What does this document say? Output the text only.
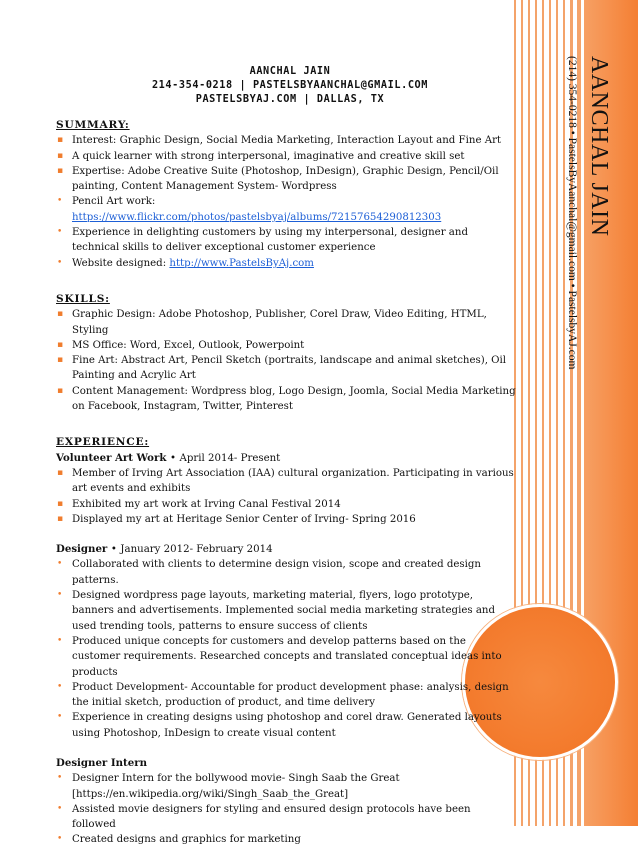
AANCHAL JAIN
(214) 354-0218 • PastelsByAanchal@gmail.com • PastelsbyAJ.com
AANCHAL JAIN
214-354-0218 | PASTELSBYAANCHAL@GMAIL.COM
PASTELSBYAJ.COM | DALLAS, TX

SUMMARY:

▪ Interest: Graphic Design, Social Media Marketing, Interaction Layout and Fine Art
▪ A quick learner with strong interpersonal, imaginative and creative skill set
▪ Expertise: Adobe Creative Suite (Photoshop, InDesign), Graphic Design, Pencil/Oil painting, Content Management System- Wordpress
• Pencil Art work: https://www.flickr.com/photos/pastelsbyaj/albums/72157654290812303
• Experience in delighting customers by using my interpersonal, designer and technical skills to deliver exceptional customer experience
• Website designed: http://www.PastelsByAj.com

SKILLS:

▪ Graphic Design: Adobe Photoshop, Publisher, Corel Draw, Video Editing, HTML, Styling
▪ MS Office: Word, Excel, Outlook, Powerpoint
▪ Fine Art: Abstract Art, Pencil Sketch (portraits, landscape and animal sketches), Oil Painting and Acrylic Art
▪ Content Management: Wordpress blog, Logo Design, Joomla, Social Media Marketing on Facebook, Instagram, Twitter, Pinterest

EXPERIENCE:

Volunteer Art Work • April 2014- Present
▪ Member of Irving Art Association (IAA) cultural organization. Participating in various art events and exhibits
▪ Exhibited my art work at Irving Canal Festival 2014
▪ Displayed my art at Heritage Senior Center of Irving- Spring 2016
Designer • January 2012- February 2014
• Collaborated with clients to determine design vision, scope and created design patterns.
• Designed wordpress page layouts, marketing material, flyers, logo prototype, banners and advertisements. Implemented social media marketing strategies and used trending tools, patterns to ensure success of clients
• Produced unique concepts for customers and develop patterns based on the customer requirements. Researched concepts and translated conceptual ideas into products
• Product Development- Accountable for product development phase: analysis, design the initial sketch, production of product, and time delivery
• Experience in creating designs using photoshop and corel draw. Generated layouts using Photoshop, InDesign to create visual content
Designer Intern
• Designer Intern for the bollywood movie- Singh Saab the Great [https://en.wikipedia.org/wiki/Singh_Saab_the_Great]
• Assisted movie designers for styling and ensured design protocols have been followed
• Created designs and graphics for marketing
